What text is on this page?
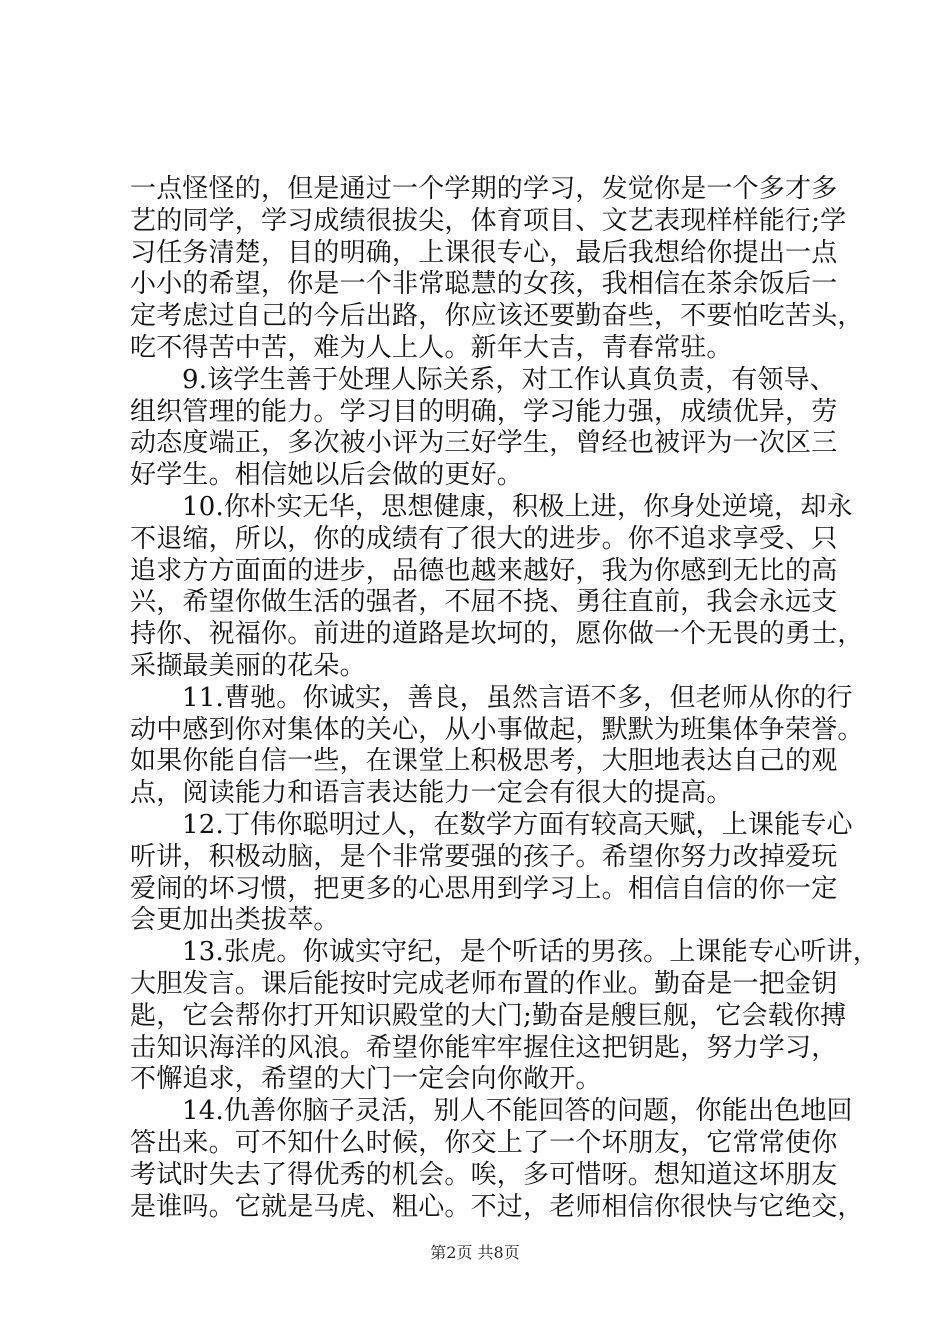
一点怪怪的，但是通过一个学期的学习，发觉你是一个多才多
艺的同学，学习成绩很拔尖，体育项目、文艺表现样样能行;学
习任务清楚，目的明确，上课很专心，最后我想给你提出一点
小小的希望，你是一个非常聪慧的女孩，我相信在茶余饭后一
定考虑过自己的今后出路，你应该还要勤奋些，不要怕吃苦头，
吃不得苦中苦，难为人上人。新年大吉，青春常驻。
9.该学生善于处理人际关系，对工作认真负责，有领导、
组织管理的能力。学习目的明确，学习能力强，成绩优异，劳
动态度端正，多次被小评为三好学生，曾经也被评为一次区三
好学生。相信她以后会做的更好。
10.你朴实无华，思想健康，积极上进，你身处逆境，却永
不退缩，所以，你的成绩有了很大的进步。你不追求享受、只
追求方方面面的进步，品德也越来越好，我为你感到无比的高
兴，希望你做生活的强者，不屈不挠、勇往直前，我会永远支
持你、祝福你。前进的道路是坎坷的，愿你做一个无畏的勇士，
采撷最美丽的花朵。
11.曹驰。你诚实，善良，虽然言语不多，但老师从你的行
动中感到你对集体的关心，从小事做起，默默为班集体争荣誉。
如果你能自信一些，在课堂上积极思考，大胆地表达自己的观
点，阅读能力和语言表达能力一定会有很大的提高。
12.丁伟你聪明过人，在数学方面有较高天赋，上课能专心
听讲，积极动脑，是个非常要强的孩子。希望你努力改掉爱玩
爱闹的坏习惯，把更多的心思用到学习上。相信自信的你一定
会更加出类拔萃。
13.张虎。你诚实守纪，是个听话的男孩。上课能专心听讲，
大胆发言。课后能按时完成老师布置的作业。勤奋是一把金钥
匙，它会帮你打开知识殿堂的大门;勤奋是艘巨舰，它会载你搏
击知识海洋的风浪。希望你能牢牢握住这把钥匙，努力学习，
不懈追求，希望的大门一定会向你敞开。
14.仇善你脑子灵活，别人不能回答的问题，你能出色地回
答出来。可不知什么时候，你交上了一个坏朋友，它常常使你
考试时失去了得优秀的机会。唉，多可惜呀。想知道这坏朋友
是谁吗。它就是马虎、粗心。不过，老师相信你很快与它绝交，
第2页 共8页
